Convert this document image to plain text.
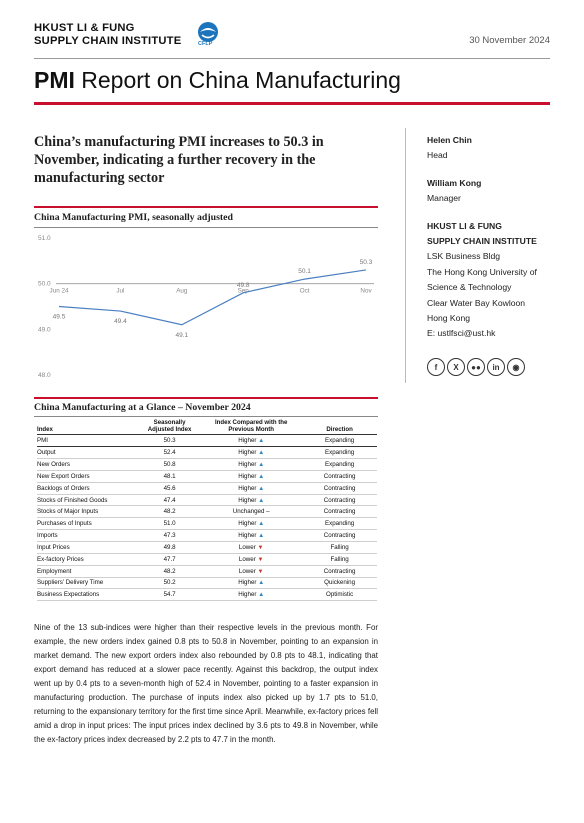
HKUST LI & FUNG
SUPPLY CHAIN INSTITUTE	CFLP	30 November 2024
PMI Report on China Manufacturing
China’s manufacturing PMI increases to 50.3 in November, indicating a further recovery in the manufacturing sector
Helen Chin
Head
William Kong
Manager
HKUST LI & FUNG
SUPPLY CHAIN INSTITUTE
LSK Business Bldg
The Hong Kong University of
Science & Technology
Clear Water Bay Kowloon
Hong Kong
E: ustlfsci@ust.hk
f	X	●●	in	◉
China Manufacturing PMI, seasonally adjusted
51.0
50.0
49.0
48.0
Jun 24	Jul	Aug	Sep	Oct	Nov
49.5
49.4
49.1
49.8
50.1
50.3
China Manufacturing at a Glance – November 2024
Index	Seasonally Adjusted Index	Index Compared with the Previous Month	Direction
PMI	50.3	Higher ▲	Expanding
Output	52.4	Higher ▲	Expanding
New Orders	50.8	Higher ▲	Expanding
New Export Orders	48.1	Higher ▲	Contracting
Backlogs of Orders	45.6	Higher ▲	Contracting
Stocks of Finished Goods	47.4	Higher ▲	Contracting
Stocks of Major Inputs	48.2	Unchanged –	Contracting
Purchases of Inputs	51.0	Higher ▲	Expanding
Imports	47.3	Higher ▲	Contracting
Input Prices	49.8	Lower ▼	Falling
Ex-factory Prices	47.7	Lower ▼	Falling
Employment	48.2	Lower ▼	Contracting
Suppliers' Delivery Time	50.2	Higher ▲	Quickening
Business Expectations	54.7	Higher ▲	Optimistic
Nine of the 13 sub-indices were higher than their respective levels in the previous month. For example, the new orders index gained 0.8 pts to 50.8 in November, pointing to an expansion in market demand. The new export orders index also rebounded by 0.8 pts to 48.1, indicating that export demand has reduced at a slower pace recently. Against this backdrop, the output index went up by 0.4 pts to a seven-month high of 52.4 in November, pointing to a faster expansion in manufacturing production. The purchase of inputs index also picked up by 1.7 pts to 51.0, returning to the expansionary territory for the first time since April. Meanwhile, ex-factory prices fell amid a drop in input prices: The input prices index declined by 3.6 pts to 49.8 in November, while the ex-factory prices index decreased by 2.2 pts to 47.7 in the month.
